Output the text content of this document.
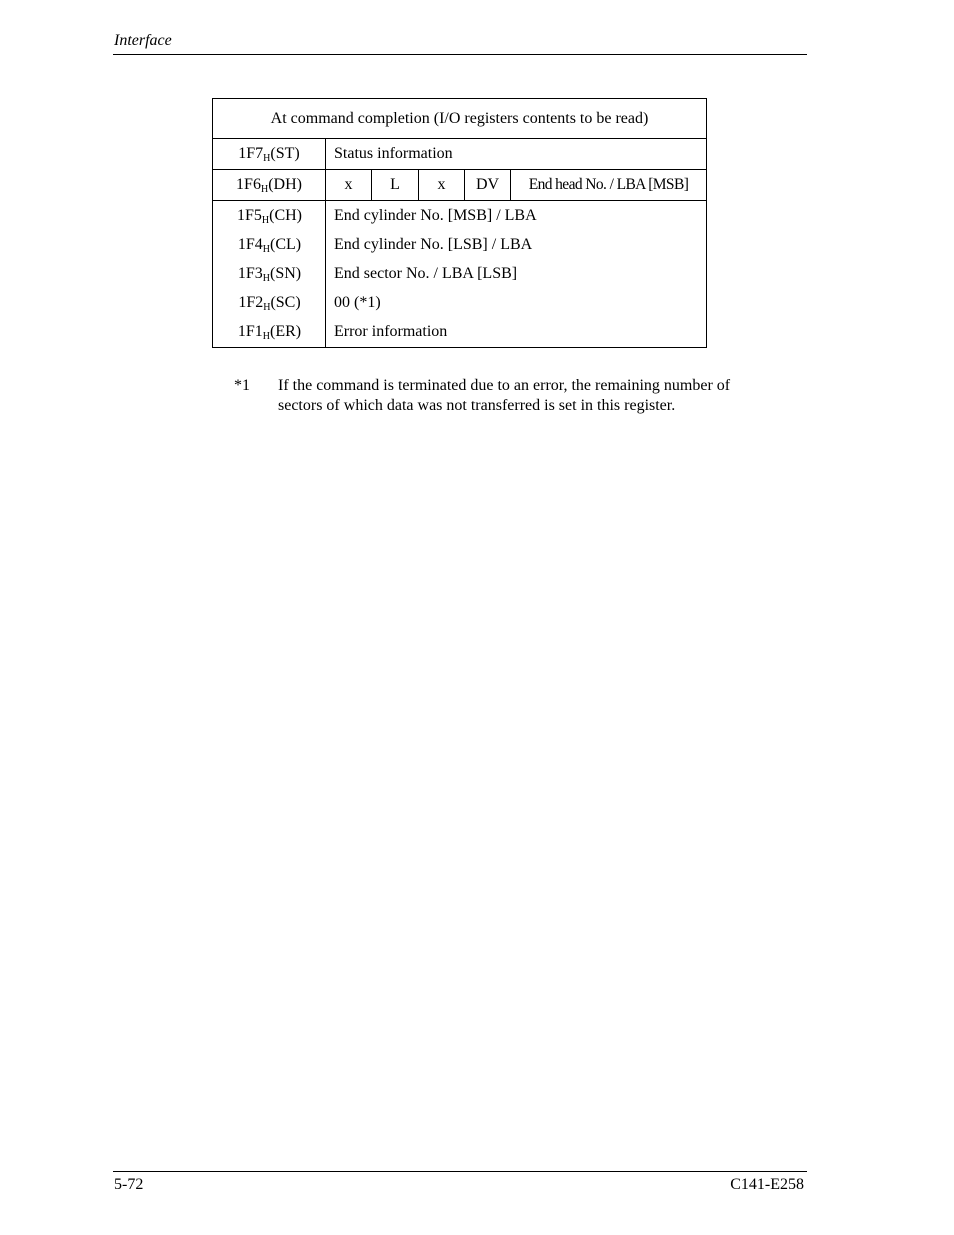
Interface
At command completion (I/O registers contents to be read)
$1F7_H(ST)$	Status information
$1F6_H(DH)$	x	L	x	DV	End head No. / LBA [MSB]
$1F5_H(CH)$	End cylinder No. [MSB] / LBA
$1F4_H(CL)$	End cylinder No. [LSB] / LBA
$1F3_H(SN)$	End sector No. / LBA [LSB]
$1F2_H(SC)$	00 (*1)
$1F1_H(ER)$	Error information
*1 If the command is terminated due to an error, the remaining number of sectors of which data was not transferred is set in this register.
5-72	C141-E258
